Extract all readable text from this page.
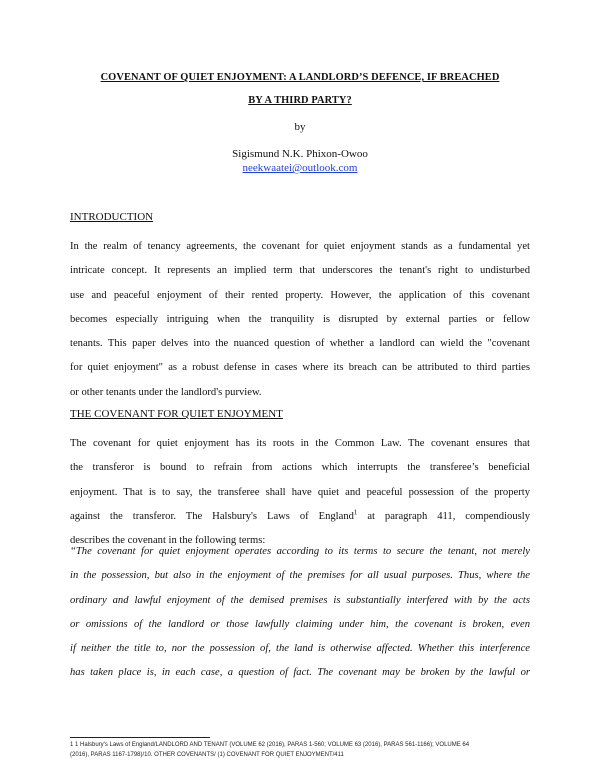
COVENANT OF QUIET ENJOYMENT: A LANDLORD’S DEFENCE, IF BREACHED
BY A THIRD PARTY?
by
Sigismund N.K. Phixon-Owoo
neekwaatei@outlook.com
INTRODUCTION
In the realm of tenancy agreements, the covenant for quiet enjoyment stands as a fundamental yet
intricate concept. It represents an implied term that underscores the tenant's right to undisturbed
use and peaceful enjoyment of their rented property. However, the application of this covenant
becomes especially intriguing when the tranquility is disrupted by external parties or fellow
tenants. This paper delves into the nuanced question of whether a landlord can wield the "covenant
for quiet enjoyment" as a robust defense in cases where its breach can be attributed to third parties
or other tenants under the landlord's purview.
THE COVENANT FOR QUIET ENJOYMENT
The covenant for quiet enjoyment has its roots in the Common Law. The covenant ensures that
the transferor is bound to refrain from actions which interrupts the transferee’s beneficial
enjoyment. That is to say, the transferee shall have quiet and peaceful possession of the property
against the transferor. The Halsbury's Laws of England$^1$ at paragraph 411, compendiously
describes the covenant in the following terms:
“The covenant for quiet enjoyment operates according to its terms to secure the tenant, not merely
in the possession, but also in the enjoyment of the premises for all usual purposes. Thus, where the
ordinary and lawful enjoyment of the demised premises is substantially interfered with by the acts
or omissions of the landlord or those lawfully claiming under him, the covenant is broken, even
if neither the title to, nor the possession of, the land is otherwise affected. Whether this interference
has taken place is, in each case, a question of fact. The covenant may be broken by the lawful or
1 1 Halsbury's Laws of England/LANDLORD AND TENANT (VOLUME 62 (2016), PARAS 1-560; VOLUME 63 (2016), PARAS 561-1166); VOLUME 64
(2016), PARAS 1167-1798)/10. OTHER COVENANTS/ (1) COVENANT FOR QUIET ENJOYMENT/411
